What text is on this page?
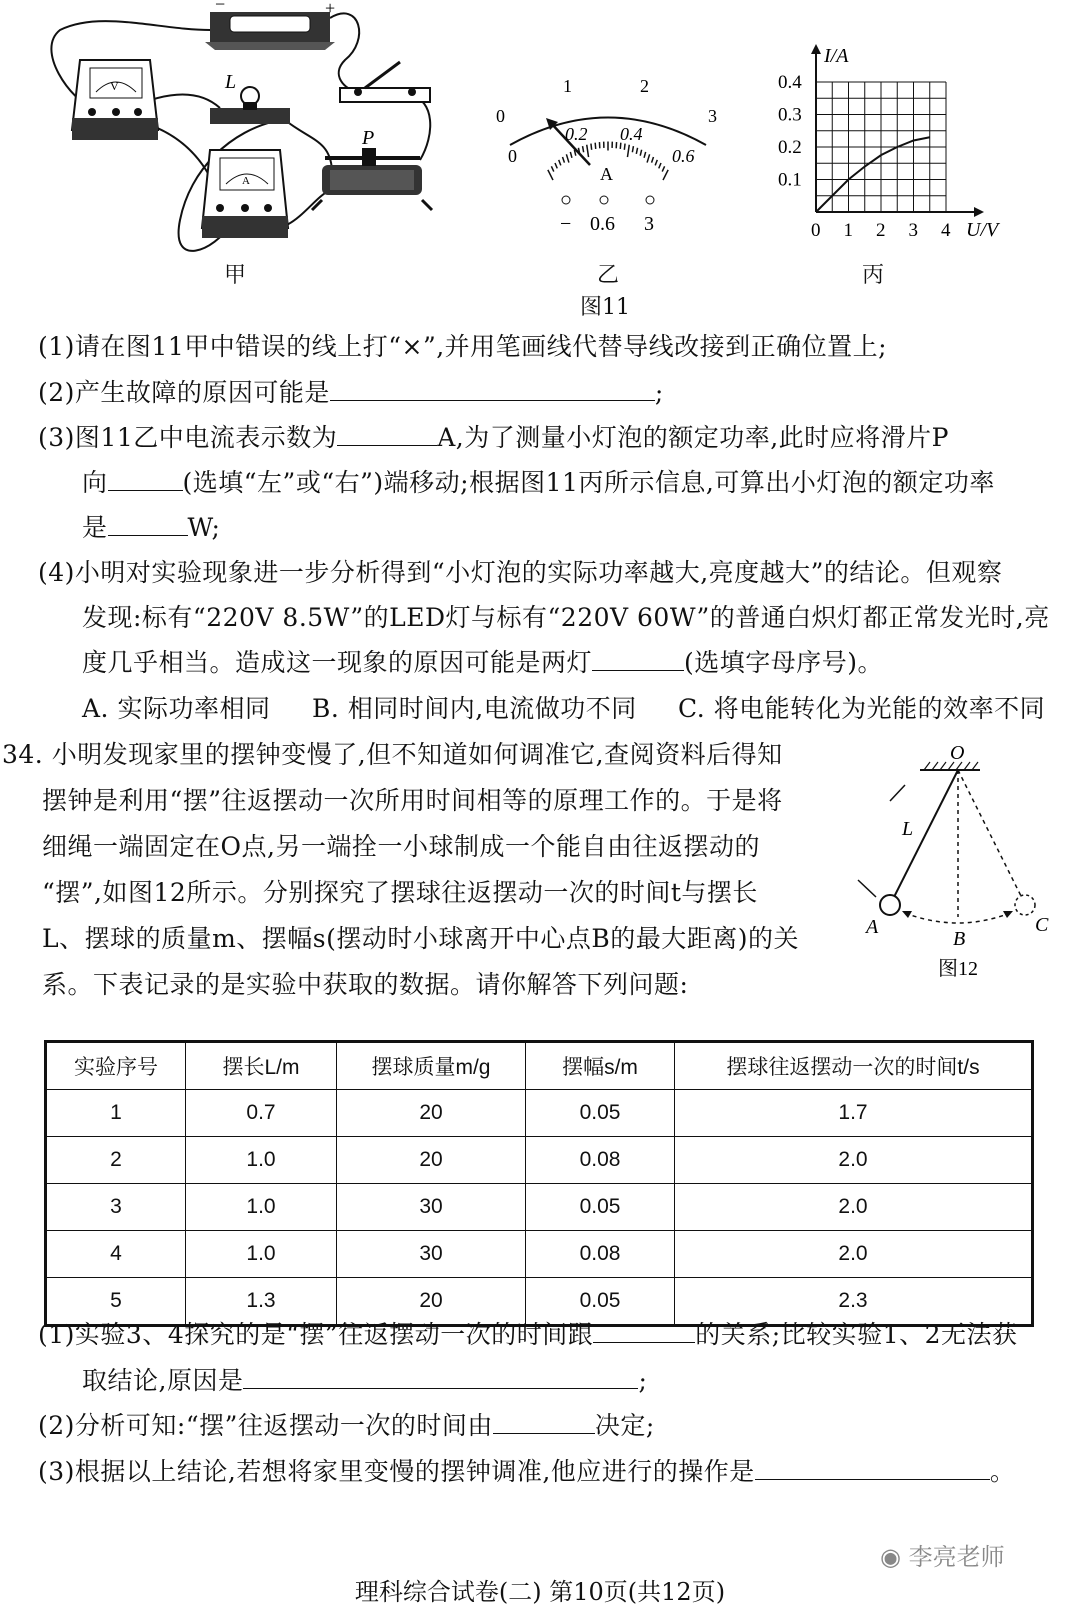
−	+
V	L
A
P
甲
0
1	2
3
0
0.2 0.4
0.6
A
− 0.6 3
乙
I/A
U/V
0.4
0.3
0.2
0.1
0 1 2 3 4
丙
图11
(1)请在图11甲中错误的线上打“×”,并用笔画线代替导线改接到正确位置上;
(2)产生故障的原因可能是	;
(3)图11乙中电流表示数为	A,为了测量小灯泡的额定功率,此时应将滑片P
向	(选填“左”或“右”)端移动;根据图11丙所示信息,可算出小灯泡的额定功率
是	W;
(4)小明对实验现象进一步分析得到“小灯泡的实际功率越大,亮度越大”的结论。但观察
发现:标有“220V 8.5W”的LED灯与标有“220V 60W”的普通白炽灯都正常发光时,亮
度几乎相当。造成这一现象的原因可能是两灯	(选填字母序号)。
A. 实际功率相同 B. 相同时间内,电流做功不同 C. 将电能转化为光能的效率不同
34. 小明发现家里的摆钟变慢了,但不知道如何调准它,查阅资料后得知
摆钟是利用“摆”往返摆动一次所用时间相等的原理工作的。于是将
细绳一端固定在O点,另一端拴一小球制成一个能自由往返摆动的
“摆”,如图12所示。分别探究了摆球往返摆动一次的时间t与摆长
L、摆球的质量m、摆幅s(摆动时小球离开中心点B的最大距离)的关
系。下表记录的是实验中获取的数据。请你解答下列问题:
O
L
A
B
C
图12
实验序号	摆长L/m	摆球质量m/g	摆幅s/m	摆球往返摆动一次的时间t/s
1	0.7	20	0.05	1.7
2	1.0	20	0.08	2.0
3	1.0	30	0.05	2.0
4	1.0	30	0.08	2.0
5	1.3	20	0.05	2.3
(1)实验3、4探究的是“摆”往返摆动一次的时间跟	的关系;比较实验1、2无法获
取结论,原因是	;
(2)分析可知:“摆”往返摆动一次的时间由	决定;
(3)根据以上结论,若想将家里变慢的摆钟调准,他应进行的操作是	。
◉ 李亮老师
理科综合试卷(二) 第10页(共12页)
